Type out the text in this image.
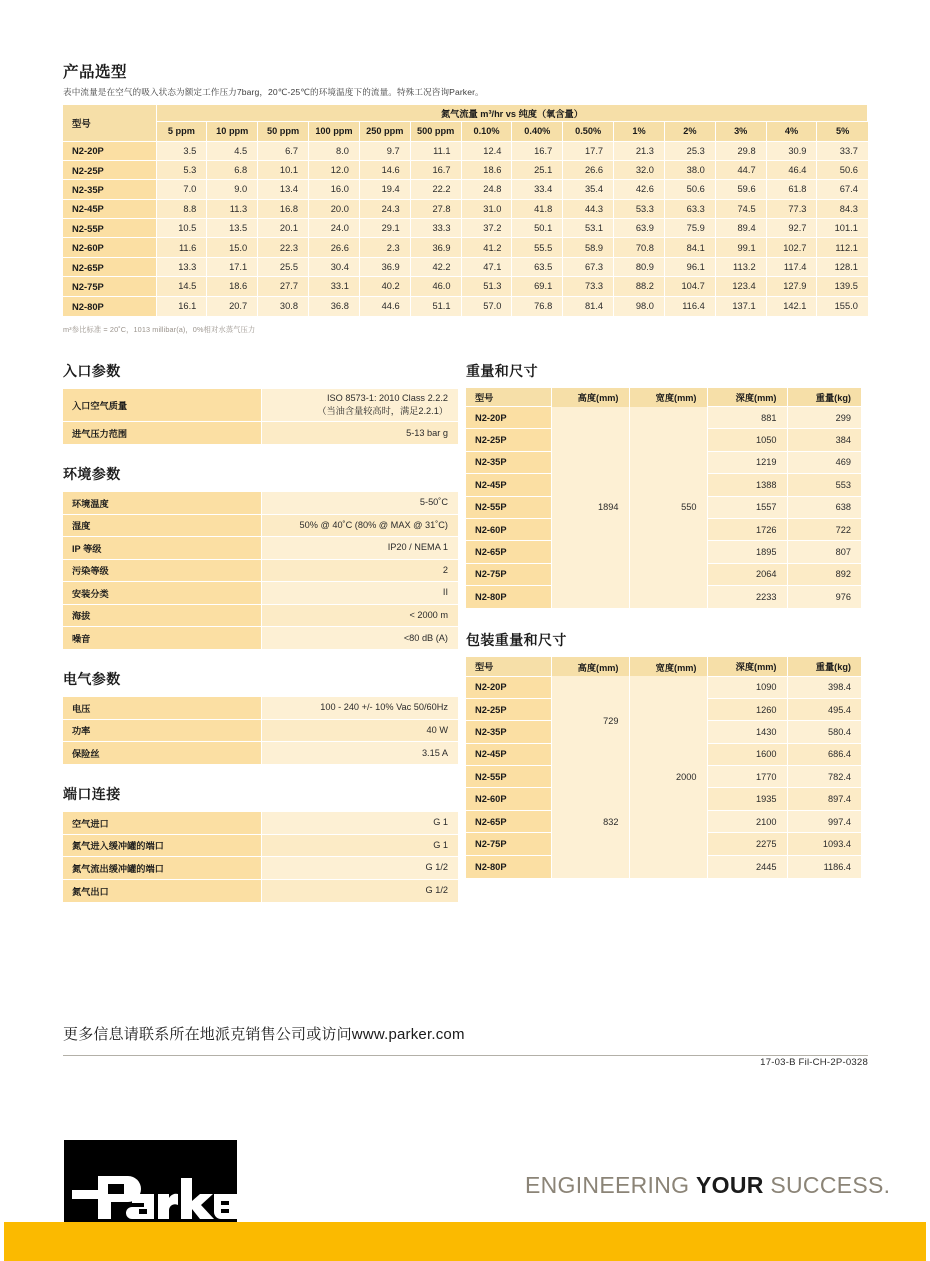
产品选型
表中流量是在空气的吸入状态为额定工作压力7barg，20℃-25℃的环境温度下的流量。特殊工况咨询Parker。
型号	氮气流量 m³/hr vs 纯度（氧含量）													
	5 ppm	10 ppm	50 ppm	100 ppm	250 ppm	500 ppm	0.10%	0.40%	0.50%	1%	2%	3%	4%	5%
N2-20P	3.5	4.5	6.7	8.0	9.7	11.1	12.4	16.7	17.7	21.3	25.3	29.8	30.9	33.7
N2-25P	5.3	6.8	10.1	12.0	14.6	16.7	18.6	25.1	26.6	32.0	38.0	44.7	46.4	50.6
N2-35P	7.0	9.0	13.4	16.0	19.4	22.2	24.8	33.4	35.4	42.6	50.6	59.6	61.8	67.4
N2-45P	8.8	11.3	16.8	20.0	24.3	27.8	31.0	41.8	44.3	53.3	63.3	74.5	77.3	84.3
N2-55P	10.5	13.5	20.1	24.0	29.1	33.3	37.2	50.1	53.1	63.9	75.9	89.4	92.7	101.1
N2-60P	11.6	15.0	22.3	26.6	2.3	36.9	41.2	55.5	58.9	70.8	84.1	99.1	102.7	112.1
N2-65P	13.3	17.1	25.5	30.4	36.9	42.2	47.1	63.5	67.3	80.9	96.1	113.2	117.4	128.1
N2-75P	14.5	18.6	27.7	33.1	40.2	46.0	51.3	69.1	73.3	88.2	104.7	123.4	127.9	139.5
N2-80P	16.1	20.7	30.8	36.8	44.6	51.1	57.0	76.8	81.4	98.0	116.4	137.1	142.1	155.0
m³参比标准 = 20˚C，1013 millibar(a)，0%相对水蒸气压力
入口参数
入口空气质量	ISO 8573-1: 2010 Class 2.2.2
（当油含量较高时，满足2.2.1）
进气压力范围	5-13 bar g
环境参数
环境温度	5-50˚C
湿度	50% @ 40˚C (80% @ MAX @ 31˚C)
IP 等级	IP20 / NEMA 1
污染等级	2
安装分类	II
海拔	< 2000 m
噪音	<80 dB (A)
电气参数
电压	100 - 240 +/- 10% Vac 50/60Hz
功率	40 W
保险丝	3.15 A
端口连接
空气进口	G 1
氮气进入缓冲罐的端口	G 1
氮气流出缓冲罐的端口	G 1/2
氮气出口	G 1/2
重量和尺寸
型号	高度(mm)	宽度(mm)	深度(mm)	重量(kg)
N2-20P	1894	550	881	299
N2-25P			1050	384
N2-35P			1219	469
N2-45P			1388	553
N2-55P			1557	638
N2-60P			1726	722
N2-65P			1895	807
N2-75P			2064	892
N2-80P			2233	976
包装重量和尺寸
型号	高度(mm)	宽度(mm)	深度(mm)	重量(kg)
N2-20P	729	2000	1090	398.4
N2-25P			1260	495.4
N2-35P			1430	580.4
N2-45P			1600	686.4
N2-55P	832		1770	782.4
N2-60P			1935	897.4
N2-65P			2100	997.4
N2-75P			2275	1093.4
N2-80P			2445	1186.4
更多信息请联系所在地派克销售公司或访问www.parker.com
17-03-B Fil-CH-2P-0328
ENGINEERING YOUR SUCCESS.
